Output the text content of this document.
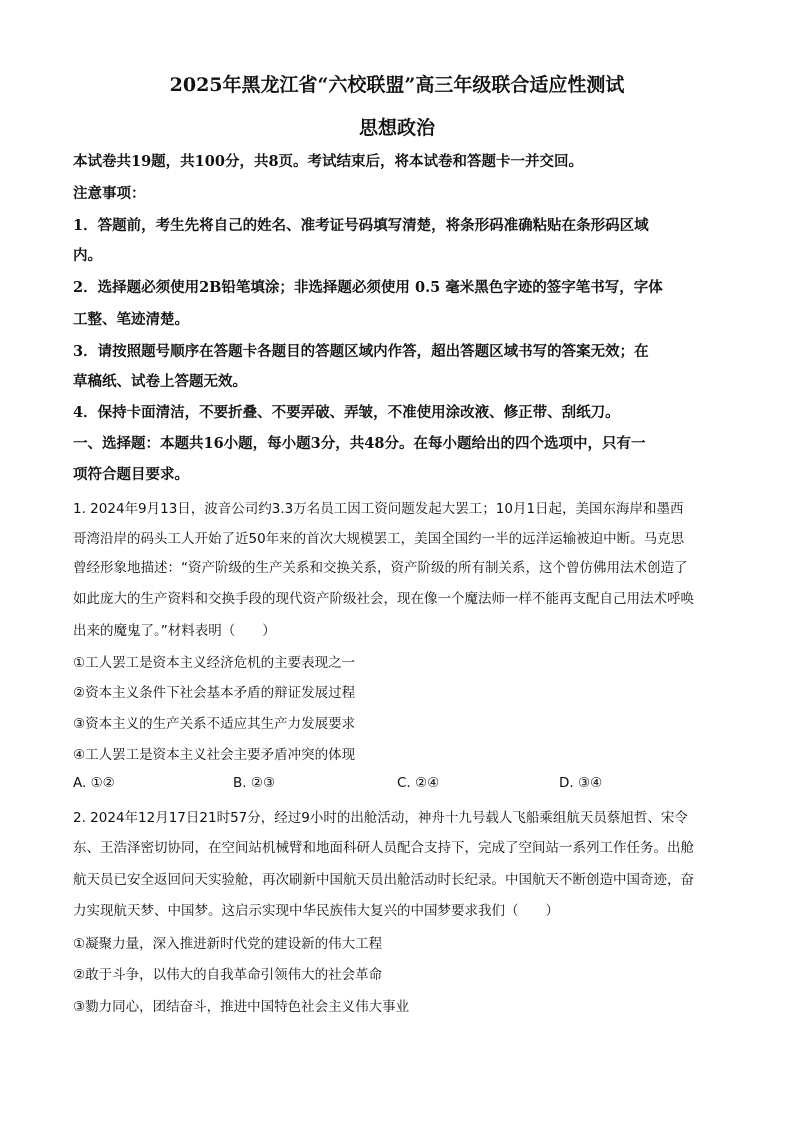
2025年黑龙江省“六校联盟”高三年级联合适应性测试
思想政治
本试卷共19题，共100分，共8页。考试结束后，将本试卷和答题卡一并交回。
注意事项：
1．答题前，考生先将自己的姓名、准考证号码填写清楚，将条形码准确粘贴在条形码区域
内。
2．选择题必须使用2B铅笔填涂；非选择题必须使用 0.5 毫米黑色字迹的签字笔书写，字体
工整、笔迹清楚。
3．请按照题号顺序在答题卡各题目的答题区域内作答，超出答题区域书写的答案无效；在
草稿纸、试卷上答题无效。
4．保持卡面清洁，不要折叠、不要弄破、弄皱，不准使用涂改液、修正带、刮纸刀。
一、选择题：本题共16小题，每小题3分，共48分。在每小题给出的四个选项中，只有一
项符合题目要求。
1. 2024年9月13日，波音公司约3.3万名员工因工资问题发起大罢工；10月1日起，美国东海岸和墨西
哥湾沿岸的码头工人开始了近50年来的首次大规模罢工，美国全国约一半的远洋运输被迫中断。马克思
曾经形象地描述：“资产阶级的生产关系和交换关系，资产阶级的所有制关系，这个曾仿佛用法术创造了
如此庞大的生产资料和交换手段的现代资产阶级社会，现在像一个魔法师一样不能再支配自己用法术呼唤
出来的魔鬼了。”材料表明（　　）
①工人罢工是资本主义经济危机的主要表现之一
②资本主义条件下社会基本矛盾的辩证发展过程
③资本主义的生产关系不适应其生产力发展要求
④工人罢工是资本主义社会主要矛盾冲突的体现
A. ①②	B. ②③	C. ②④	D. ③④
2. 2024年12月17日21时57分，经过9小时的出舱活动，神舟十九号载人飞船乘组航天员蔡旭哲、宋令
东、王浩泽密切协同，在空间站机械臂和地面科研人员配合支持下，完成了空间站一系列工作任务。出舱
航天员已安全返回问天实验舱，再次刷新中国航天员出舱活动时长纪录。中国航天不断创造中国奇迹，奋
力实现航天梦、中国梦。这启示实现中华民族伟大复兴的中国梦要求我们（　　）
①凝聚力量，深入推进新时代党的建设新的伟大工程
②敢于斗争，以伟大的自我革命引领伟大的社会革命
③勠力同心，团结奋斗，推进中国特色社会主义伟大事业
